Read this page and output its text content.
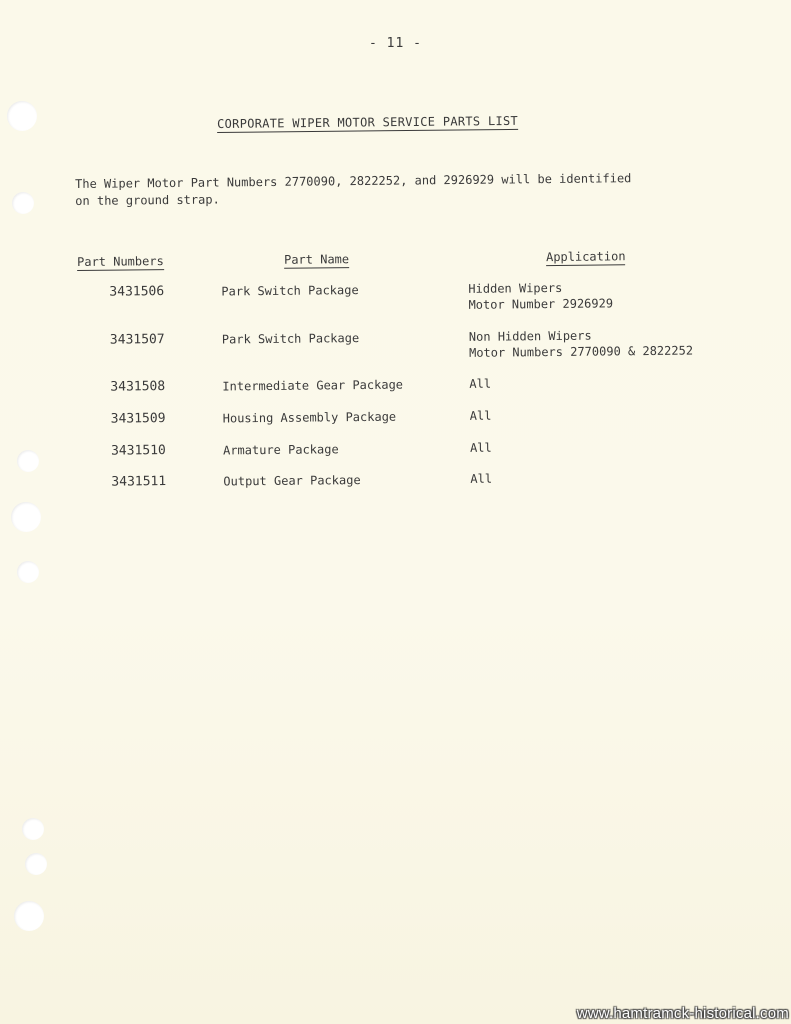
- 11 -
CORPORATE WIPER MOTOR SERVICE PARTS LIST

The Wiper Motor Part Numbers 2770090, 2822252, and 2926929 will be identified

on the ground strap.

Part Numbers	Part Name	Application
3431506	Park Switch Package	Hidden Wipers
Motor Number 2926929
3431507	Park Switch Package	Non Hidden Wipers
Motor Numbers 2770090 & 2822252
3431508	Intermediate Gear Package	All
3431509	Housing Assembly Package	All
3431510	Armature Package	All
3431511	Output Gear Package	All
www.hamtramck-historical.com
